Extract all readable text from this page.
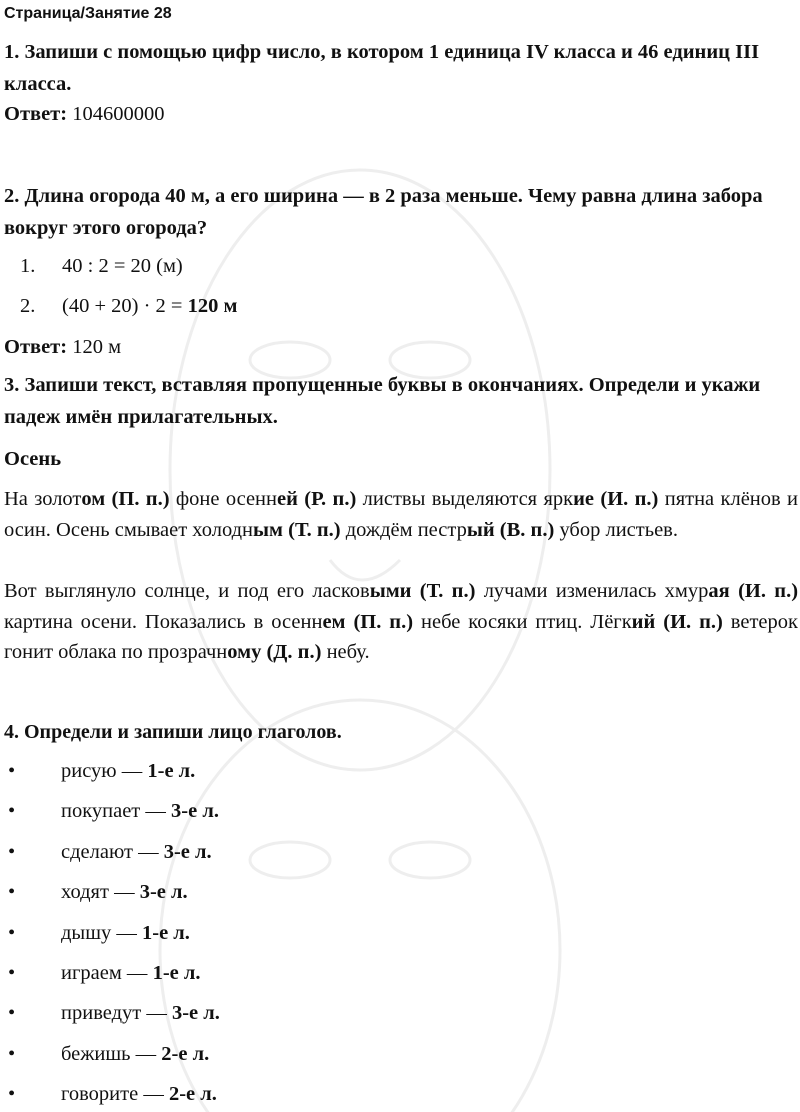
Страница/Занятие 28
1. Запиши с помощью цифр число, в котором 1 единица IV класса и 46 единиц III класса.
Ответ: 104600000
2. Длина огорода 40 м, а его ширина — в 2 раза меньше. Чему равна длина забора вокруг этого огорода?
1. 40 : 2 = 20 (м)
2. (40 + 20) · 2 = 120 м
Ответ: 120 м
3. Запиши текст, вставляя пропущенные буквы в окончаниях. Определи и укажи падеж имён прилагательных.
Осень
На золотом (П. п.) фоне осенней (Р. п.) листвы выделяются яркие (И. п.) пятна клёнов и осин. Осень смывает холодным (Т. п.) дождём пестрый (В. п.) убор листьев.
Вот выглянуло солнце, и под его ласковыми (Т. п.) лучами изменилась хмурая (И. п.) картина осени. Показались в осеннем (П. п.) небе косяки птиц. Лёгкий (И. п.) ветерок гонит облака по прозрачному (Д. п.) небу.
4. Определи и запиши лицо глаголов.
• рисую — 1-е л.
• покупает — 3-е л.
• сделают — 3-е л.
• ходят — 3-е л.
• дышу — 1-е л.
• играем — 1-е л.
• приведут — 3-е л.
• бежишь — 2-е л.
• говорите — 2-е л.
